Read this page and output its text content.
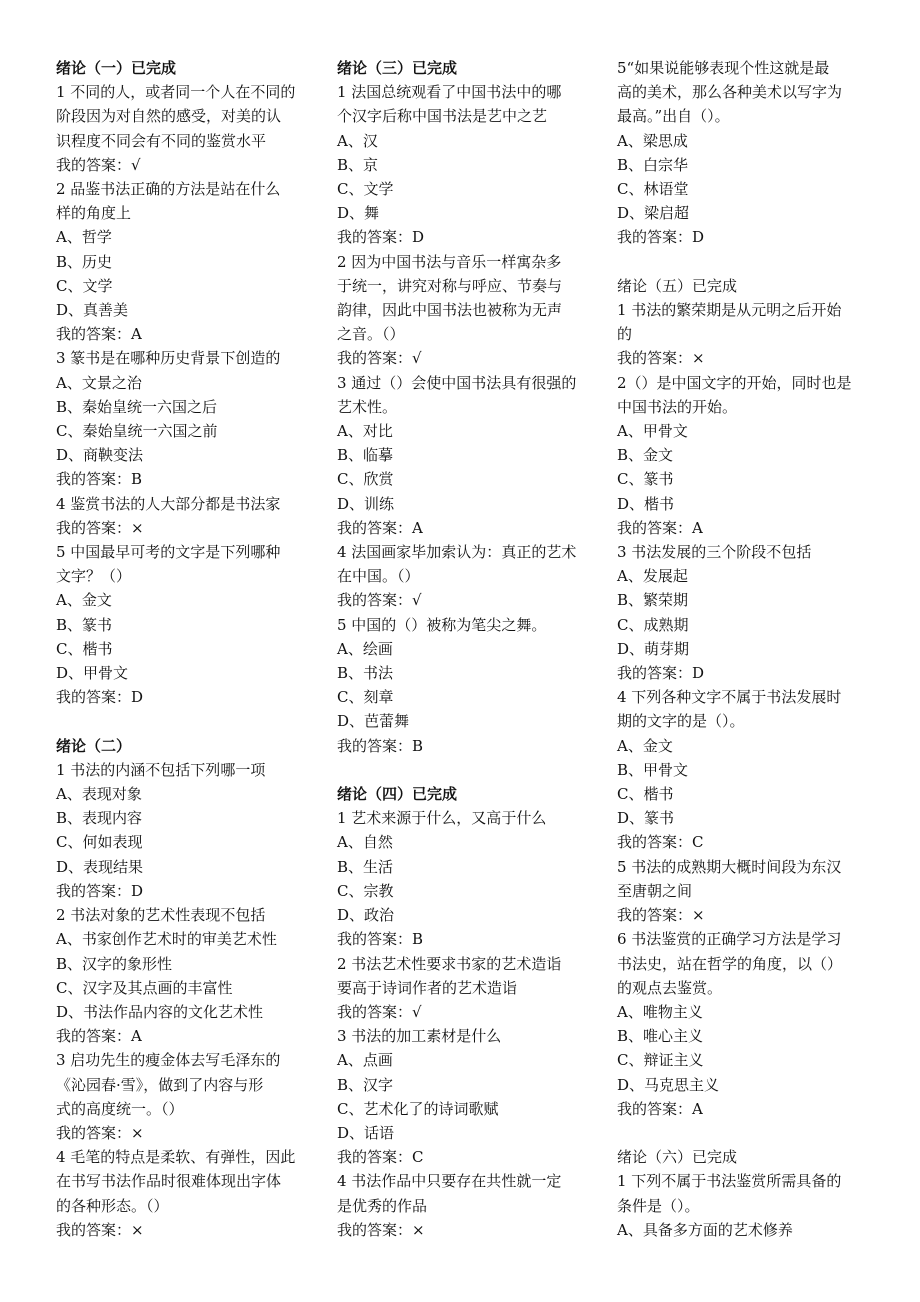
绪论（一）已完成
1 不同的人，或者同一个人在不同的
阶段因为对自然的感受，对美的认
识程度不同会有不同的鉴赏水平
我的答案：√
2 品鉴书法正确的方法是站在什么
样的角度上
A、哲学
B、历史
C、文学
D、真善美
我的答案：A
3 篆书是在哪种历史背景下创造的
A、文景之治
B、秦始皇统一六国之后
C、秦始皇统一六国之前
D、商鞅变法
我的答案：B
4 鉴赏书法的人大部分都是书法家
我的答案：×
5 中国最早可考的文字是下列哪种
文字？（）
A、金文
B、篆书
C、楷书
D、甲骨文
我的答案：D
绪论（二）
1 书法的内涵不包括下列哪一项
A、表现对象
B、表现内容
C、何如表现
D、表现结果
我的答案：D
2 书法对象的艺术性表现不包括
A、书家创作艺术时的审美艺术性
B、汉字的象形性
C、汉字及其点画的丰富性
D、书法作品内容的文化艺术性
我的答案：A
3 启功先生的瘦金体去写毛泽东的
《沁园春·雪》，做到了内容与形
式的高度统一。（）
我的答案：×
4 毛笔的特点是柔软、有弹性，因此
在书写书法作品时很难体现出字体
的各种形态。（）
我的答案：×
绪论（三）已完成
1 法国总统观看了中国书法中的哪
个汉字后称中国书法是艺中之艺
A、汉
B、京
C、文学
D、舞
我的答案：D
2 因为中国书法与音乐一样寓杂多
于统一，讲究对称与呼应、节奏与
韵律，因此中国书法也被称为无声
之音。（）
我的答案：√
3 通过（）会使中国书法具有很强的
艺术性。
A、对比
B、临摹
C、欣赏
D、训练
我的答案：A
4 法国画家毕加索认为：真正的艺术
在中国。（）
我的答案：√
5 中国的（）被称为笔尖之舞。
A、绘画
B、书法
C、刻章
D、芭蕾舞
我的答案：B
绪论（四）已完成
1 艺术来源于什么，又高于什么
A、自然
B、生活
C、宗教
D、政治
我的答案：B
2 书法艺术性要求书家的艺术造诣
要高于诗词作者的艺术造诣
我的答案：√
3 书法的加工素材是什么
A、点画
B、汉字
C、艺术化了的诗词歌赋
D、话语
我的答案：C
4 书法作品中只要存在共性就一定
是优秀的作品
我的答案：×
5“如果说能够表现个性这就是最
高的美术，那么各种美术以写字为
最高。”出自（）。
A、梁思成
B、白宗华
C、林语堂
D、梁启超
我的答案：D
绪论（五）已完成
1 书法的繁荣期是从元明之后开始
的
我的答案：×
2（）是中国文字的开始，同时也是
中国书法的开始。
A、甲骨文
B、金文
C、篆书
D、楷书
我的答案：A
3 书法发展的三个阶段不包括
A、发展起
B、繁荣期
C、成熟期
D、萌芽期
我的答案：D
4 下列各种文字不属于书法发展时
期的文字的是（）。
A、金文
B、甲骨文
C、楷书
D、篆书
我的答案：C
5 书法的成熟期大概时间段为东汉
至唐朝之间
我的答案：×
6 书法鉴赏的正确学习方法是学习
书法史，站在哲学的角度，以（）
的观点去鉴赏。
A、唯物主义
B、唯心主义
C、辩证主义
D、马克思主义
我的答案：A
绪论（六）已完成
1 下列不属于书法鉴赏所需具备的
条件是（）。
A、具备多方面的艺术修养
